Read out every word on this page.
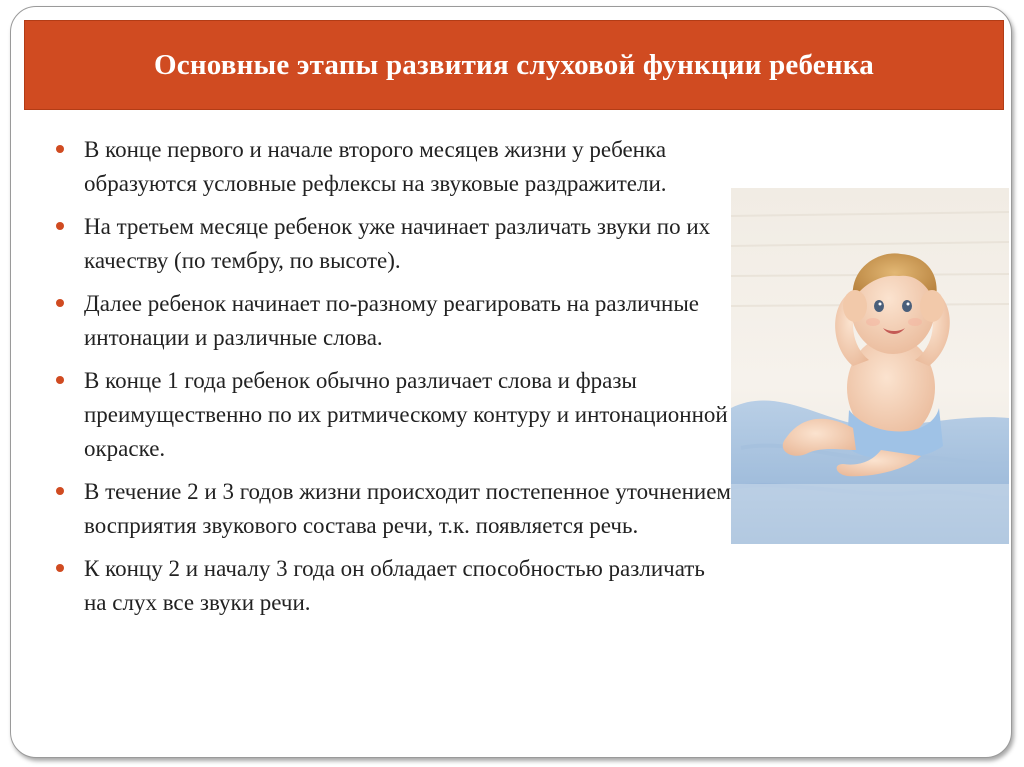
Основные этапы развития слуховой функции ребенка
В конце первого и начале второго месяцев жизни у ребенка образуются условные рефлексы на звуковые раздражители.
На третьем месяце ребенок уже начинает различать звуки по их качеству (по тембру, по высоте).
Далее ребенок начинает по-разному реагировать на различные интонации и различные слова.
В конце 1 года ребенок обычно различает слова и фразы преимущественно по их ритмическому контуру и интонационной окраске.
В течение 2 и 3 годов жизни происходит постепенное уточнением восприятия звукового состава речи, т.к. появляется речь.
К концу 2 и началу 3 года он обладает способностью различать на слух все звуки речи.
